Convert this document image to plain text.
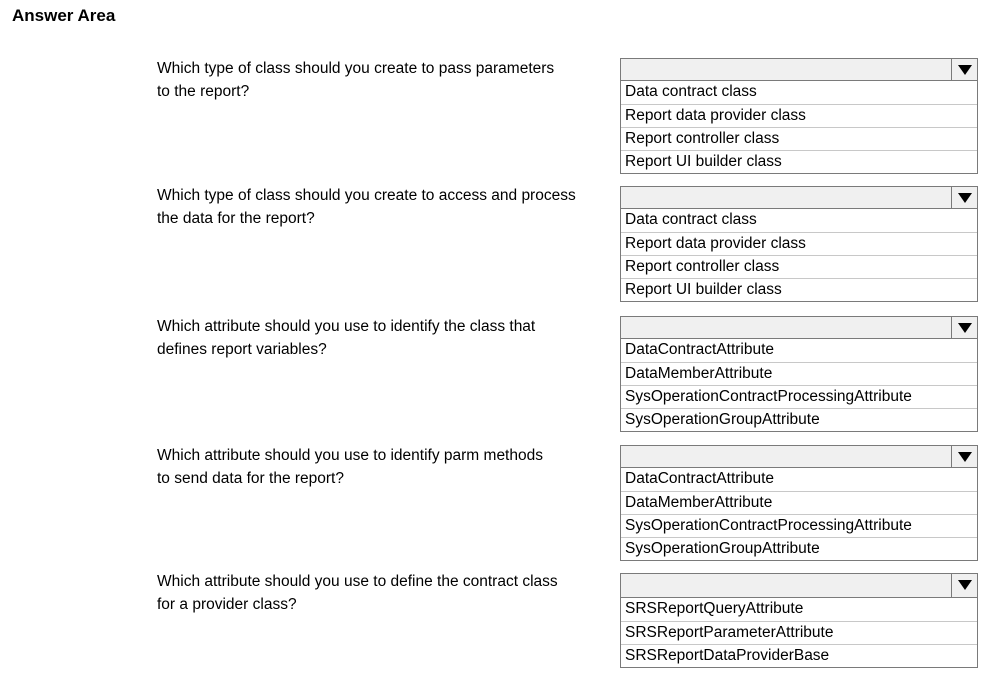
Answer Area
Which type of class should you create to pass parameters
to the report?	Data contract class
Report data provider class
Report controller class
Report UI builder class
Which type of class should you create to access and process
the data for the report?	Data contract class
Report data provider class
Report controller class
Report UI builder class
Which attribute should you use to identify the class that
defines report variables?	DataContractAttribute
DataMemberAttribute
SysOperationContractProcessingAttribute
SysOperationGroupAttribute
Which attribute should you use to identify parm methods
to send data for the report?	DataContractAttribute
DataMemberAttribute
SysOperationContractProcessingAttribute
SysOperationGroupAttribute
Which attribute should you use to define the contract class
for a provider class?	SRSReportQueryAttribute
SRSReportParameterAttribute
SRSReportDataProviderBase
